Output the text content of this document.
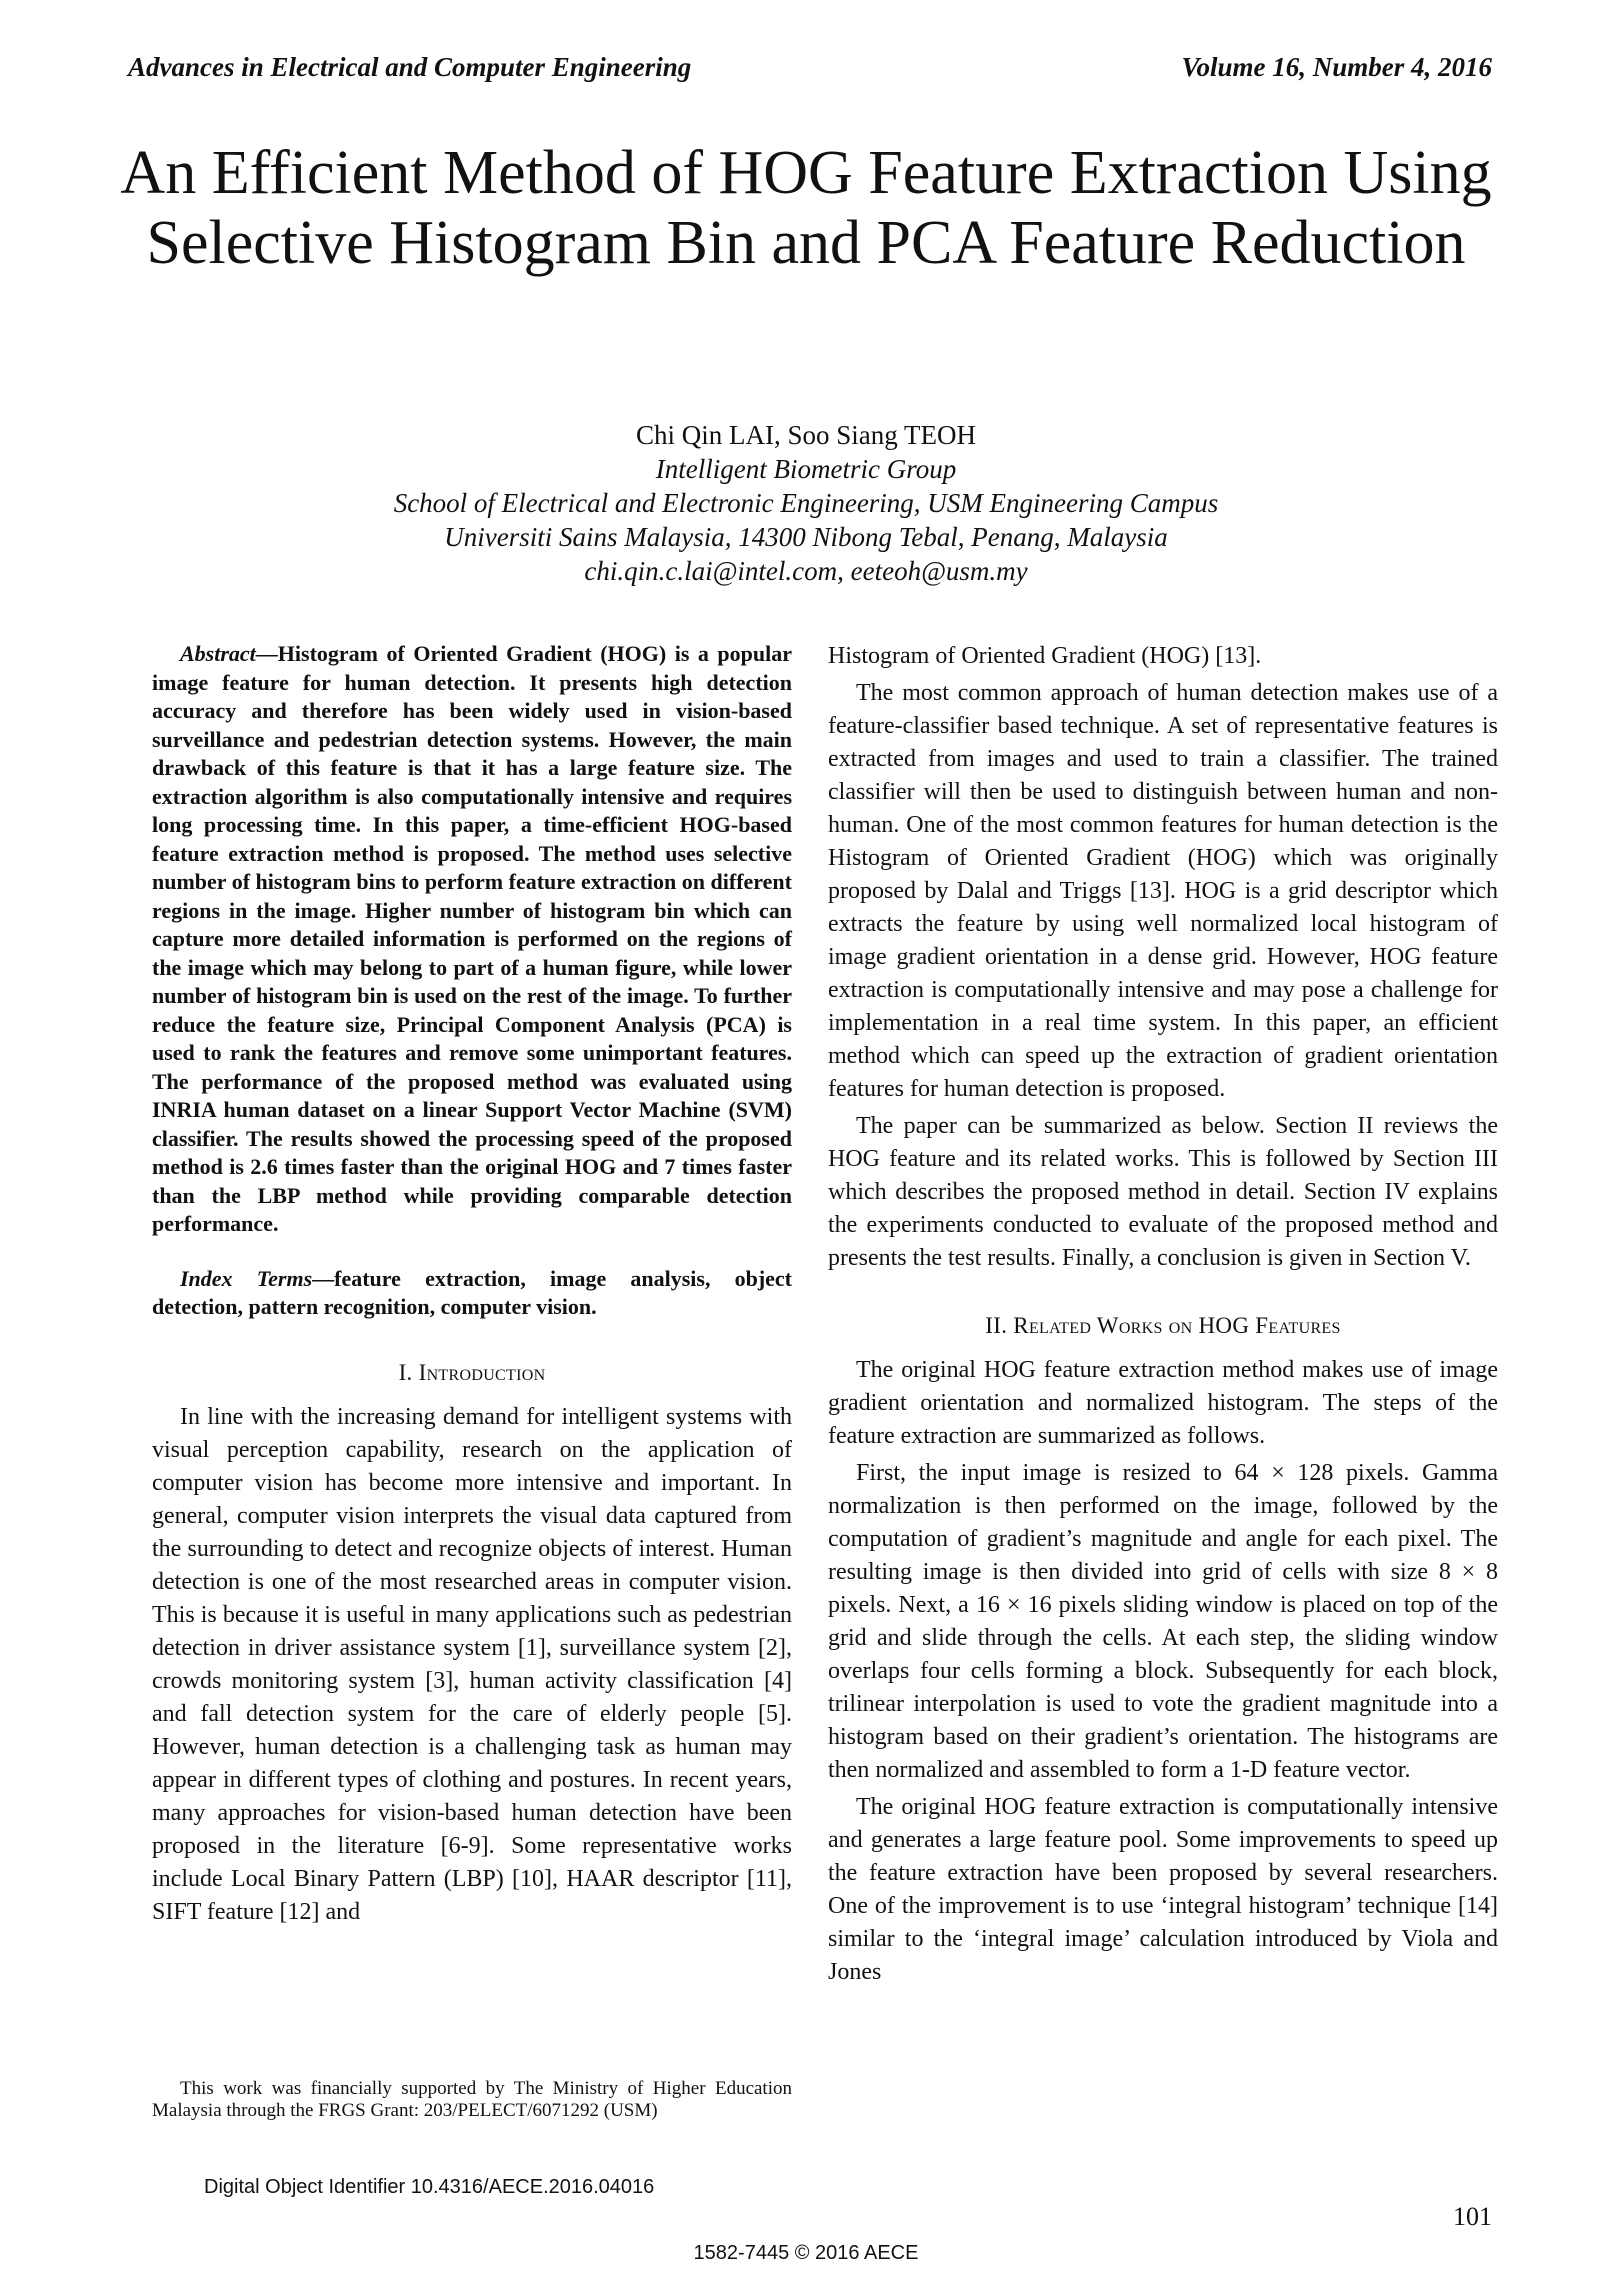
Advances in Electrical and Computer Engineering	Volume 16, Number 4, 2016
An Efficient Method of HOG Feature Extraction Using Selective Histogram Bin and PCA Feature Reduction
Chi Qin LAI, Soo Siang TEOH
Intelligent Biometric Group
School of Electrical and Electronic Engineering, USM Engineering Campus
Universiti Sains Malaysia, 14300 Nibong Tebal, Penang, Malaysia
chi.qin.c.lai@intel.com, eeteoh@usm.my

Abstract—Histogram of Oriented Gradient (HOG) is a popular image feature for human detection. It presents high detection accuracy and therefore has been widely used in vision-based surveillance and pedestrian detection systems. However, the main drawback of this feature is that it has a large feature size. The extraction algorithm is also computationally intensive and requires long processing time. In this paper, a time-efficient HOG-based feature extraction method is proposed. The method uses selective number of histogram bins to perform feature extraction on different regions in the image. Higher number of histogram bin which can capture more detailed information is performed on the regions of the image which may belong to part of a human figure, while lower number of histogram bin is used on the rest of the image. To further reduce the feature size, Principal Component Analysis (PCA) is used to rank the features and remove some unimportant features. The performance of the proposed method was evaluated using INRIA human dataset on a linear Support Vector Machine (SVM) classifier. The results showed the processing speed of the proposed method is 2.6 times faster than the original HOG and 7 times faster than the LBP method while providing comparable detection performance.

Index Terms—feature extraction, image analysis, object detection, pattern recognition, computer vision.

I. Introduction

In line with the increasing demand for intelligent systems with visual perception capability, research on the application of computer vision has become more intensive and important. In general, computer vision interprets the visual data captured from the surrounding to detect and recognize objects of interest. Human detection is one of the most researched areas in computer vision. This is because it is useful in many applications such as pedestrian detection in driver assistance system [1], surveillance system [2], crowds monitoring system [3], human activity classification [4] and fall detection system for the care of elderly people [5]. However, human detection is a challenging task as human may appear in different types of clothing and postures. In recent years, many approaches for vision-based human detection have been proposed in the literature [6-9]. Some representative works include Local Binary Pattern (LBP) [10], HAAR descriptor [11], SIFT feature [12] and

Histogram of Oriented Gradient (HOG) [13].

The most common approach of human detection makes use of a feature-classifier based technique. A set of representative features is extracted from images and used to train a classifier. The trained classifier will then be used to distinguish between human and non-human. One of the most common features for human detection is the Histogram of Oriented Gradient (HOG) which was originally proposed by Dalal and Triggs [13]. HOG is a grid descriptor which extracts the feature by using well normalized local histogram of image gradient orientation in a dense grid. However, HOG feature extraction is computationally intensive and may pose a challenge for implementation in a real time system. In this paper, an efficient method which can speed up the extraction of gradient orientation features for human detection is proposed.

The paper can be summarized as below. Section II reviews the HOG feature and its related works. This is followed by Section III which describes the proposed method in detail. Section IV explains the experiments conducted to evaluate of the proposed method and presents the test results. Finally, a conclusion is given in Section V.

II. Related Works on HOG Features

The original HOG feature extraction method makes use of image gradient orientation and normalized histogram. The steps of the feature extraction are summarized as follows.

First, the input image is resized to 64 × 128 pixels. Gamma normalization is then performed on the image, followed by the computation of gradient’s magnitude and angle for each pixel. The resulting image is then divided into grid of cells with size 8 × 8 pixels. Next, a 16 × 16 pixels sliding window is placed on top of the grid and slide through the cells. At each step, the sliding window overlaps four cells forming a block. Subsequently for each block, trilinear interpolation is used to vote the gradient magnitude into a histogram based on their gradient’s orientation. The histograms are then normalized and assembled to form a 1-D feature vector.

The original HOG feature extraction is computationally intensive and generates a large feature pool. Some improvements to speed up the feature extraction have been proposed by several researchers. One of the improvement is to use ‘integral histogram’ technique [14] similar to the ‘integral image’ calculation introduced by Viola and Jones

This work was financially supported by The Ministry of Higher Education Malaysia through the FRGS Grant: 203/PELECT/6071292 (USM)
Digital Object Identifier 10.4316/AECE.2016.04016
101
1582-7445 © 2016 AECE
